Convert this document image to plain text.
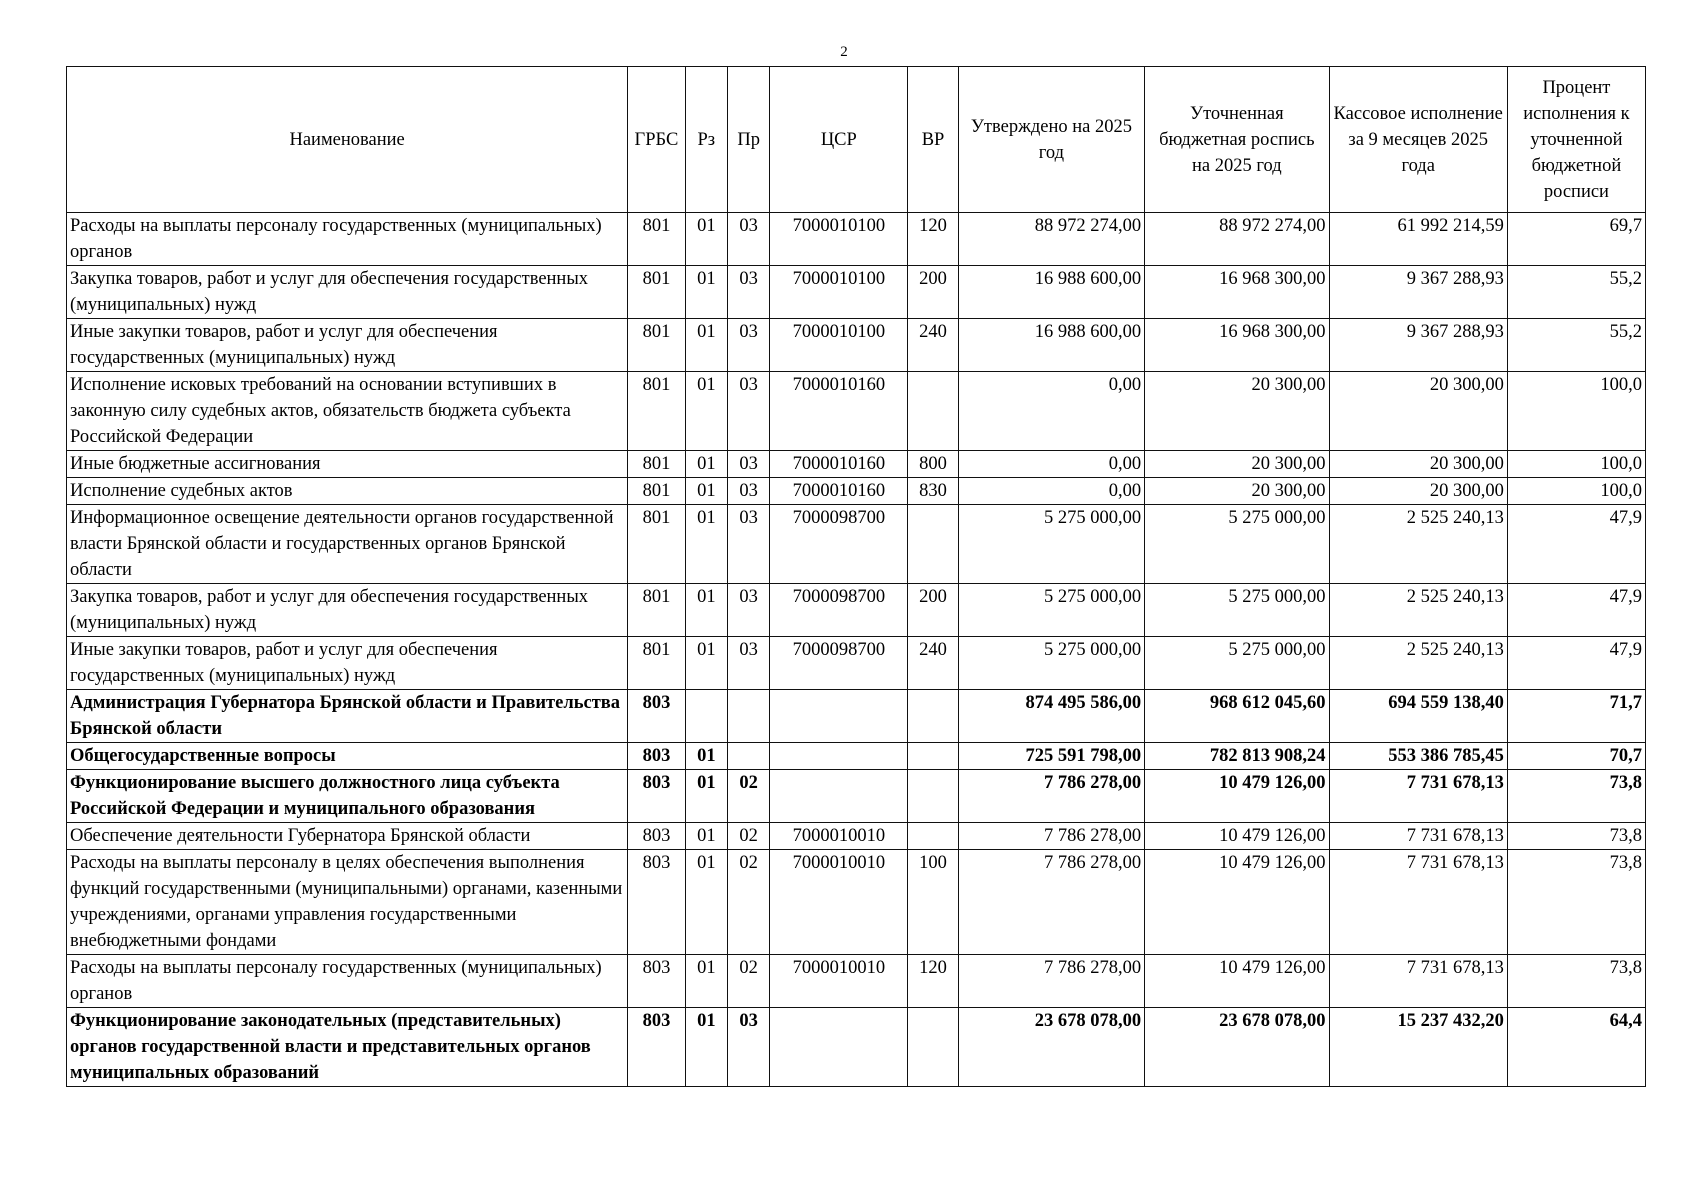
2
Наименование	ГРБС	Рз	Пр	ЦСР	ВР	Утверждено на 2025 год	Уточненная бюджетная роспись на 2025 год	Кассовое исполнение за 9 месяцев 2025 года	Процент исполнения к уточненной бюджетной росписи
Расходы на выплаты персоналу государственных (муниципальных) органов	801	01	03	7000010100	120	88 972 274,00	88 972 274,00	61 992 214,59	69,7
Закупка товаров, работ и услуг для обеспечения государственных (муниципальных) нужд	801	01	03	7000010100	200	16 988 600,00	16 968 300,00	9 367 288,93	55,2
Иные закупки товаров, работ и услуг для обеспечения государственных (муниципальных) нужд	801	01	03	7000010100	240	16 988 600,00	16 968 300,00	9 367 288,93	55,2
Исполнение исковых требований на основании вступивших в законную силу судебных актов, обязательств бюджета субъекта Российской Федерации	801	01	03	7000010160		0,00	20 300,00	20 300,00	100,0
Иные бюджетные ассигнования	801	01	03	7000010160	800	0,00	20 300,00	20 300,00	100,0
Исполнение судебных актов	801	01	03	7000010160	830	0,00	20 300,00	20 300,00	100,0
Информационное освещение деятельности органов государственной власти Брянской области и государственных органов Брянской области	801	01	03	7000098700		5 275 000,00	5 275 000,00	2 525 240,13	47,9
Закупка товаров, работ и услуг для обеспечения государственных (муниципальных) нужд	801	01	03	7000098700	200	5 275 000,00	5 275 000,00	2 525 240,13	47,9
Иные закупки товаров, работ и услуг для обеспечения государственных (муниципальных) нужд	801	01	03	7000098700	240	5 275 000,00	5 275 000,00	2 525 240,13	47,9
Администрация Губернатора Брянской области и Правительства Брянской области	803					874 495 586,00	968 612 045,60	694 559 138,40	71,7
Общегосударственные вопросы	803	01				725 591 798,00	782 813 908,24	553 386 785,45	70,7
Функционирование высшего должностного лица субъекта Российской Федерации и муниципального образования	803	01	02			7 786 278,00	10 479 126,00	7 731 678,13	73,8
Обеспечение деятельности Губернатора Брянской области	803	01	02	7000010010		7 786 278,00	10 479 126,00	7 731 678,13	73,8
Расходы на выплаты персоналу в целях обеспечения выполнения функций государственными (муниципальными) органами, казенными учреждениями, органами управления государственными внебюджетными фондами	803	01	02	7000010010	100	7 786 278,00	10 479 126,00	7 731 678,13	73,8
Расходы на выплаты персоналу государственных (муниципальных) органов	803	01	02	7000010010	120	7 786 278,00	10 479 126,00	7 731 678,13	73,8
Функционирование законодательных (представительных) органов государственной власти и представительных органов муниципальных образований	803	01	03			23 678 078,00	23 678 078,00	15 237 432,20	64,4
